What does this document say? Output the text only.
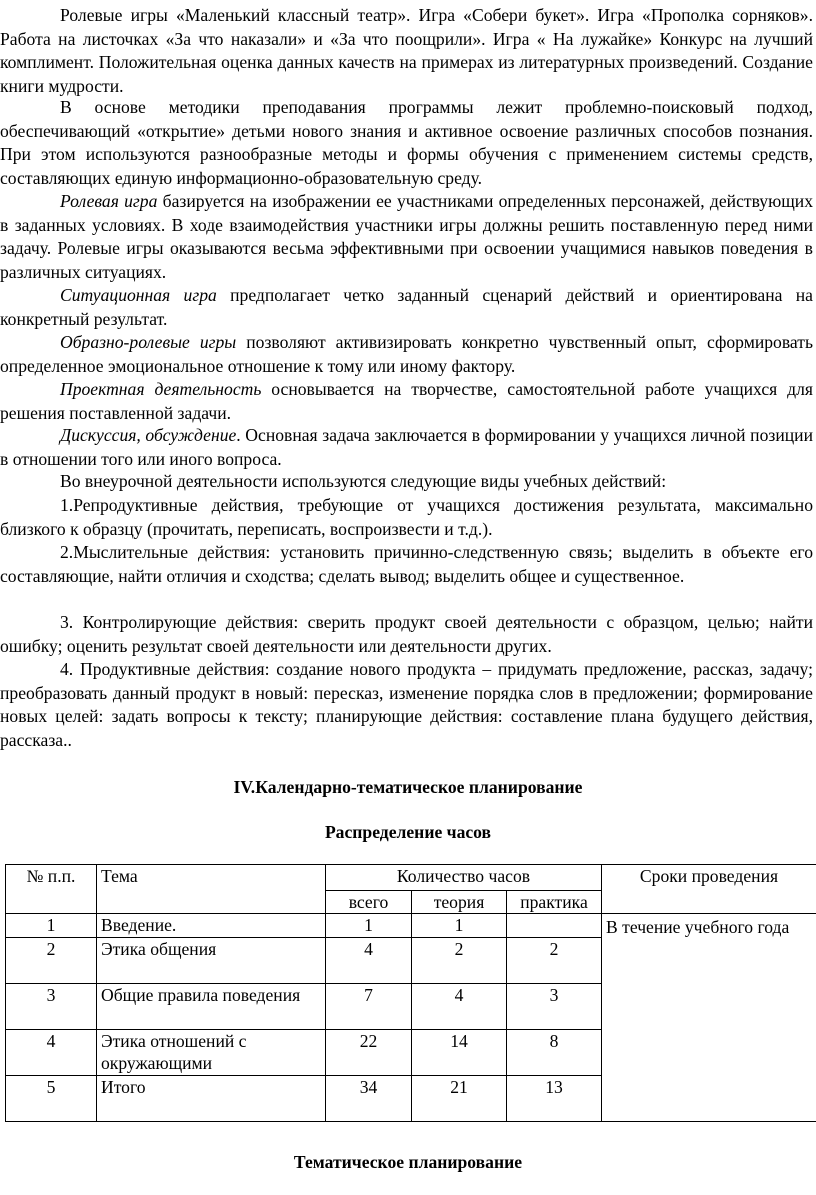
Ролевые игры «Маленький классный театр». Игра «Собери букет». Игра «Прополка сорняков». Работа на листочках «За что наказали» и «За что поощрили». Игра « На лужайке» Конкурс на лучший комплимент. Положительная оценка данных качеств на примерах из литературных произведений. Создание книги мудрости.

В основе методики преподавания программы лежит проблемно-поисковый подход, обеспечивающий «открытие» детьми нового знания и активное освоение различных способов познания. При этом используются разнообразные методы и формы обучения с применением системы средств, составляющих единую информационно-образовательную среду.

Ролевая игра базируется на изображении ее участниками определенных персонажей, действующих в заданных условиях. В ходе взаимодействия участники игры должны решить поставленную перед ними задачу. Ролевые игры оказываются весьма эффективными при освоении учащимися навыков поведения в различных ситуациях.

Ситуационная игра предполагает четко заданный сценарий действий и ориентирована на конкретный результат.

Образно-ролевые игры позволяют активизировать конкретно чувственный опыт, сформировать определенное эмоциональное отношение к тому или иному фактору.

Проектная деятельность основывается на творчестве, самостоятельной работе учащихся для решения поставленной задачи.

Дискуссия, обсуждение. Основная задача заключается в формировании у учащихся личной позиции в отношении того или иного вопроса.

Во внеурочной деятельности используются следующие виды учебных действий:

1.Репродуктивные действия, требующие от учащихся достижения результата, максимально близкого к образцу (прочитать, переписать, воспроизвести и т.д.).

2.Мыслительные действия: установить причинно-следственную связь; выделить в объекте его составляющие, найти отличия и сходства; сделать вывод; выделить общее и существенное.

3. Контролирующие действия: сверить продукт своей деятельности с образцом, целью; найти ошибку; оценить результат своей деятельности или деятельности других.

4. Продуктивные действия: создание нового продукта – придумать предложение, рассказ, задачу; преобразовать данный продукт в новый: пересказ, изменение порядка слов в предложении; формирование новых целей: задать вопросы к тексту; планирующие действия: составление плана будущего действия, рассказа..

IV.Календарно-тематическое планирование
Распределение часов
№ п.п.	Тема	Количество часов			Сроки проведения
		всего	теория	практика	
1	Введение.	1	1		В течение учебного года
2	Этика общения	4	2	2	
3	Общие правила поведения	7	4	3	
4	Этика отношений с окружающими	22	14	8	
5	Итого	34	21	13	
Тематическое планирование
